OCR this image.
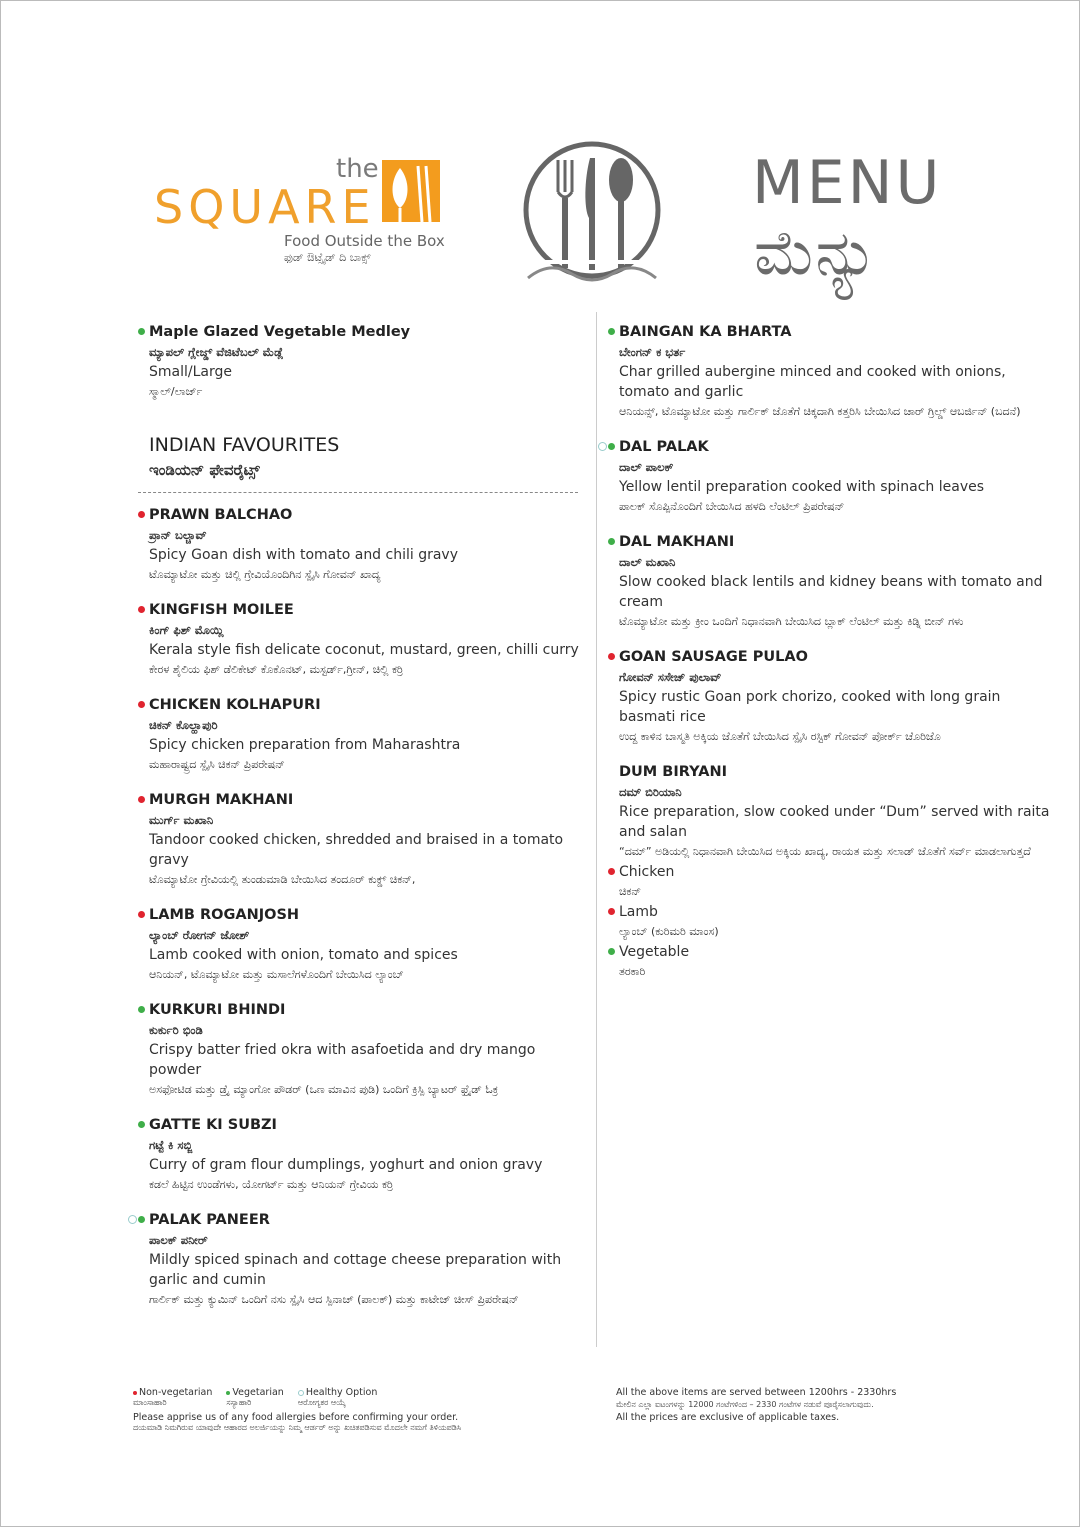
the
SQUARE
Food Outside the Box
ಫುಡ್ ಔಟ್ಸೈಡ್ ದಿ ಬಾಕ್ಸ್
MENU
ಮೆನ್ಯು
Maple Glazed Vegetable Medley
ಮ್ಯಾಪಲ್ ಗ್ಲೇಜ್ಡ್ ವೆಜಿಟೆಬಲ್ ಮೆಡ್ಲೆ
Small/Large
ಸ್ಮಾಲ್/ಲಾರ್ಜ್
INDIAN FAVOURITES
ಇಂಡಿಯನ್ ಫೇವರೈಟ್ಸ್
PRAWN BALCHAO
ಪ್ರಾನ್ ಬಲ್ಚಾವ್
Spicy Goan dish with tomato and chili gravy
ಟೊಮ್ಯಾಟೋ ಮತ್ತು ಚಿಲ್ಲಿ ಗ್ರೇವಿಯೊಂದಿಗಿನ ಸ್ಪೈಸಿ ಗೋವನ್ ಖಾದ್ಯ
KINGFISH MOILEE
ಕಿಂಗ್ ಫಿಶ್ ಮೊಯ್ಲಿ
Kerala style fish delicate coconut, mustard, green, chilli curry
ಕೇರಳ ಶೈಲಿಯ ಫಿಶ್ ಡೆಲಿಕೇಟ್ ಕೊಕೊನಟ್, ಮಸ್ಟರ್ಡ್,ಗ್ರೀನ್, ಚಿಲ್ಲಿ ಕರ್‍ರಿ
CHICKEN KOLHAPURI
ಚಿಕನ್ ಕೊಲ್ಹಾಪುರಿ
Spicy chicken preparation from Maharashtra
ಮಹಾರಾಷ್ಟ್ರದ ಸ್ಪೈಸಿ ಚಿಕನ್ ಪ್ರಿಪರೇಷನ್
MURGH MAKHANI
ಮುರ್ಗ್ ಮಖಾನಿ
Tandoor cooked chicken, shredded and braised in a tomato gravy
ಟೊಮ್ಯಾಟೋ ಗ್ರೇವಿಯಲ್ಲಿ ತುಂಡುಮಾಡಿ ಬೇಯಿಸಿದ ತಂದೂರ್ ಕುಕ್ಡ್ ಚಿಕನ್,
LAMB ROGANJOSH
ಲ್ಯಾಂಬ್ ರೋಗನ್ ಜೋಶ್
Lamb cooked with onion, tomato and spices
ಆನಿಯನ್, ಟೊಮ್ಯಾಟೋ ಮತ್ತು ಮಸಾಲೆಗಳೊಂದಿಗೆ ಬೇಯಿಸಿದ ಲ್ಯಾಂಬ್
KURKURI BHINDI
ಕುರ್ಕುರಿ ಭಿಂಡಿ
Crispy batter fried okra with asafoetida and dry mango powder
ಅಸಫೋಟಿಡ ಮತ್ತು ಡ್ರೈ ಮ್ಯಾಂಗೋ ಪೌಡರ್ (ಒಣ ಮಾವಿನ ಪುಡಿ) ಒಂದಿಗೆ ಕ್ರಿಸ್ಪಿ ಬ್ಯಾಟರ್ ಫ್ರೈಡ್ ಓಕ್ರ
GATTE KI SUBZI
ಗಟ್ಟೆ ಕಿ ಸಬ್ಜಿ
Curry of gram flour dumplings, yoghurt and onion gravy
ಕಡಲೆ ಹಿಟ್ಟಿನ ಉಂಡೆಗಳು, ಯೋಗರ್ಟ್ ಮತ್ತು ಆನಿಯನ್ ಗ್ರೇವಿಯ ಕರ್‍ರಿ
PALAK PANEER
ಪಾಲಕ್ ಪನೀರ್
Mildly spiced spinach and cottage cheese preparation with garlic and cumin
ಗಾರ್ಲಿಕ್ ಮತ್ತು ಕ್ಯುಮಿನ್ ಒಂದಿಗೆ ನಸು ಸ್ಪೈಸಿ ಆದ ಸ್ಪಿನಾಚ್ (ಪಾಲಕ್) ಮತ್ತು ಕಾಟೇಜ್ ಚೀಸ್ ಪ್ರಿಪರೇಷನ್
BAINGAN KA BHARTA
ಬೇಂಗನ್ ಕ ಭರ್ತ
Char grilled aubergine minced and cooked with onions, tomato and garlic
ಆನಿಯನ್ಸ್, ಟೊಮ್ಯಾಟೋ ಮತ್ತು ಗಾರ್ಲಿಕ್ ಜೊತೆಗೆ ಚಿಕ್ಕದಾಗಿ ಕತ್ತರಿಸಿ ಬೇಯಿಸಿದ ಚಾರ್ ಗ್ರಿಲ್ಡ್ ಆಬರ್ಜಿನ್ (ಬದನೆ)
DAL PALAK
ದಾಲ್ ಪಾಲಕ್
Yellow lentil preparation cooked with spinach leaves
ಪಾಲಕ್ ಸೊಪ್ಪಿನೊಂದಿಗೆ ಬೇಯಿಸಿದ ಹಳದಿ ಲೆಂಟಿಲ್ ಪ್ರಿಪರೇಷನ್
DAL MAKHANI
ದಾಲ್ ಮಖಾನಿ
Slow cooked black lentils and kidney beans with tomato and cream
ಟೊಮ್ಯಾಟೋ ಮತ್ತು ಕ್ರೀಂ ಒಂದಿಗೆ ನಿಧಾನವಾಗಿ ಬೇಯಿಸಿದ ಬ್ಲಾಕ್ ಲೆಂಟಿಲ್ ಮತ್ತು ಕಿಡ್ನಿ ಬೀನ್ ಗಳು
GOAN SAUSAGE PULAO
ಗೋವನ್ ಸಸೇಜ್ ಪುಲಾವ್
Spicy rustic Goan pork chorizo, cooked with long grain basmati rice
ಉದ್ದ ಕಾಳಿನ ಬಾಸ್ಮತಿ ಅಕ್ಕಿಯ ಜೊತೆಗೆ ಬೇಯಿಸಿದ ಸ್ಪೈಸಿ ರಸ್ಟಿಕ್ ಗೋವನ್ ಪೋರ್ಕ್ ಚೊರಿಜೊ
DUM BIRYANI
ದಮ್ ಬಿರಿಯಾನಿ
Rice preparation, slow cooked under “Dum” served with raita and salan
“ದಮ್” ಅಡಿಯಲ್ಲಿ ನಿಧಾನವಾಗಿ ಬೇಯಿಸಿದ ಅಕ್ಕಿಯ ಖಾದ್ಯ, ರಾಯತ ಮತ್ತು ಸಲಾಡ್ ಜೊತೆಗೆ ಸರ್ವ್ ಮಾಡಲಾಗುತ್ತದೆ
Chicken
ಚಿಕನ್
Lamb
ಲ್ಯಾಂಬ್ (ಕುರಿಮರಿ ಮಾಂಸ)
Vegetable
ತರಕಾರಿ
Non-vegetarian
ಮಾಂಸಾಹಾರಿ
Vegetarian
ಸಸ್ಯಾಹಾರಿ
Healthy Option
ಆರೋಗ್ಯಕರ ಆಯ್ಕೆ
Please apprise us of any food allergies before confirming your order.
ದಯಮಾಡಿ ನಿಮಗಿರುವ ಯಾವುದೇ ಆಹಾರದ ಅಲರ್ಜಿಯನ್ನು ನಿಮ್ಮ ಆರ್ಡರ್ ಅನ್ನು ಖಚಿತಪಡಿಸುವ ಮೊದಲೇ ನಮಗೆ ತಿಳಿಯಪಡಿಸಿ
All the above items are served between 1200hrs - 2330hrs
ಮೇಲಿನ ಎಲ್ಲಾ ಐಟಂಗಳನ್ನು 12000 ಗಂಟೆಗಳಿಂದ – 2330 ಗಂಟೆಗಳ ನಡುವೆ ಪೂರೈಸಲಾಗುವುದು.
All the prices are exclusive of applicable taxes.
